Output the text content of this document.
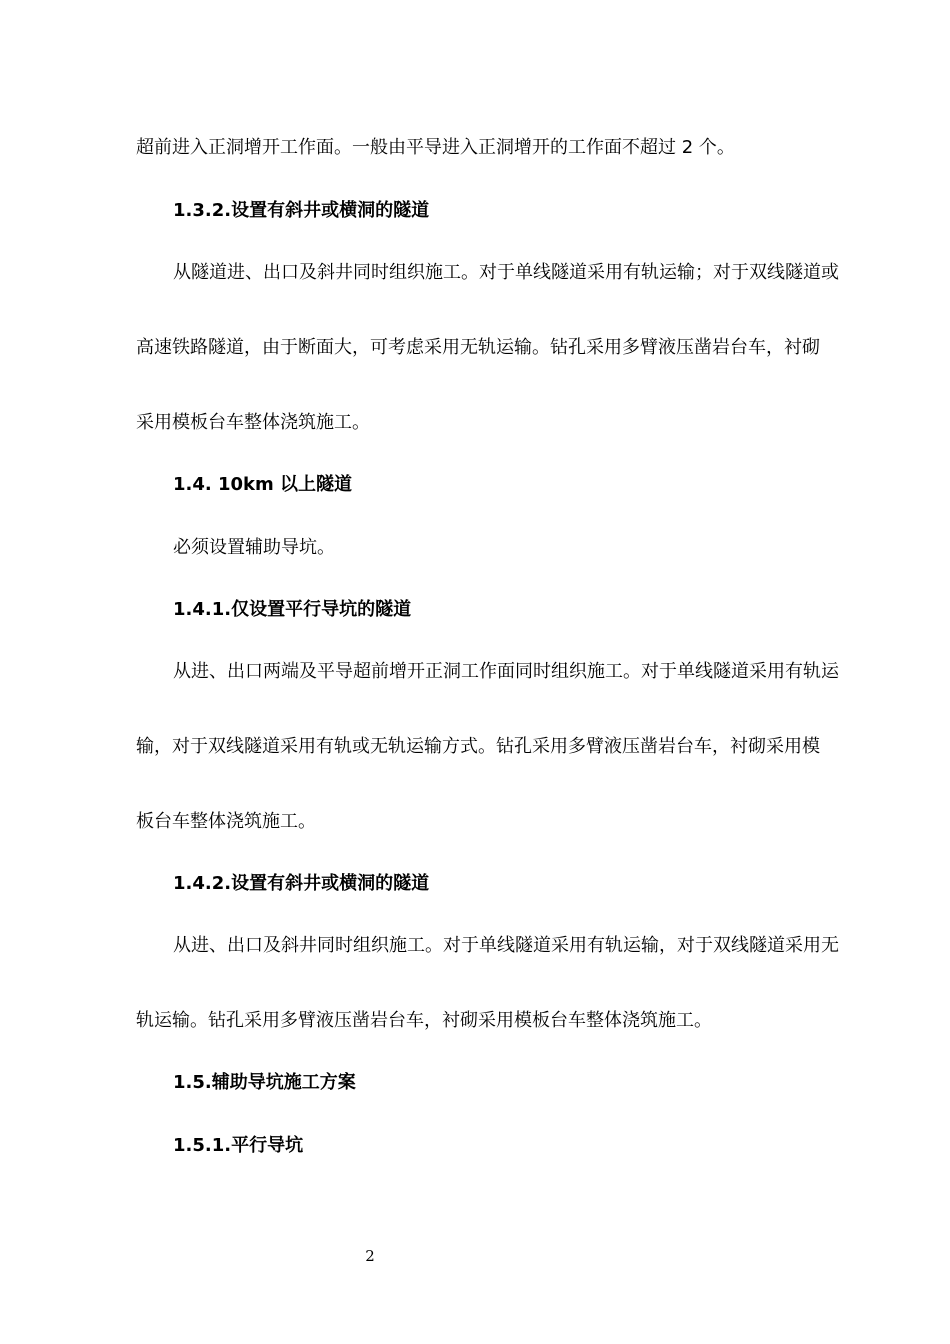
超前进入正洞增开工作面。一般由平导进入正洞增开的工作面不超过 2 个。

1.3.2.设置有斜井或横洞的隧道

从隧道进、出口及斜井同时组织施工。对于单线隧道采用有轨运输；对于双线隧道或

高速铁路隧道，由于断面大，可考虑采用无轨运输。钻孔采用多臂液压凿岩台车，衬砌

采用模板台车整体浇筑施工。

1.4. 10km 以上隧道

必须设置辅助导坑。

1.4.1.仅设置平行导坑的隧道

从进、出口两端及平导超前增开正洞工作面同时组织施工。对于单线隧道采用有轨运

输，对于双线隧道采用有轨或无轨运输方式。钻孔采用多臂液压凿岩台车，衬砌采用模

板台车整体浇筑施工。

1.4.2.设置有斜井或横洞的隧道

从进、出口及斜井同时组织施工。对于单线隧道采用有轨运输，对于双线隧道采用无

轨运输。钻孔采用多臂液压凿岩台车，衬砌采用模板台车整体浇筑施工。

1.5.辅助导坑施工方案

1.5.1.平行导坑

2
